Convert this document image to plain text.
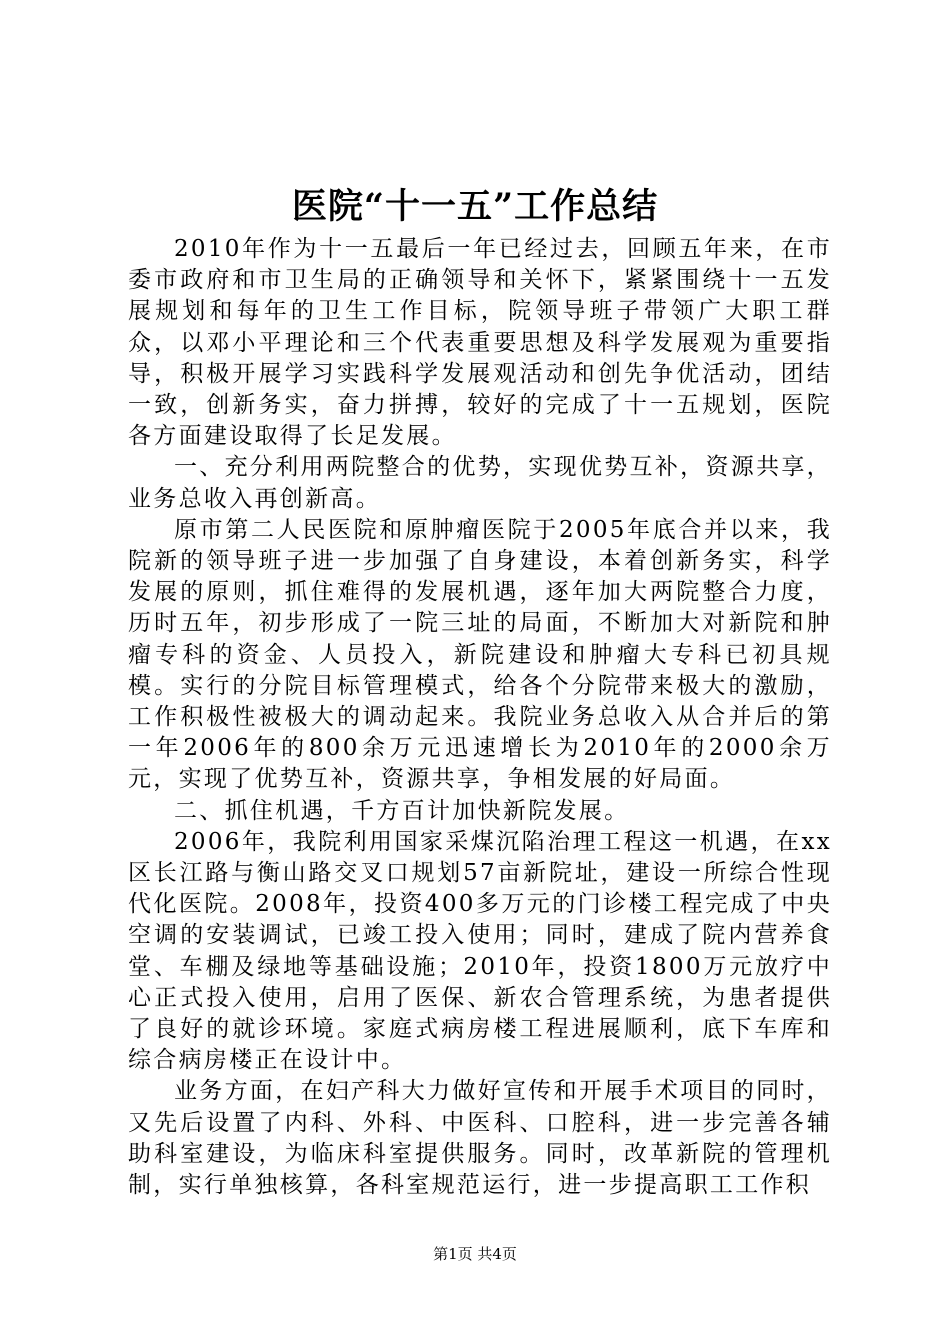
医院“十一五”工作总结

2010年作为十一五最后一年已经过去，回顾五年来，在市委市政府和市卫生局的正确领导和关怀下，紧紧围绕十一五发展规划和每年的卫生工作目标，院领导班子带领广大职工群众，以邓小平理论和三个代表重要思想及科学发展观为重要指导，积极开展学习实践科学发展观活动和创先争优活动，团结一致，创新务实，奋力拼搏，较好的完成了十一五规划，医院各方面建设取得了长足发展。

一、充分利用两院整合的优势，实现优势互补，资源共享，业务总收入再创新高。

原市第二人民医院和原肿瘤医院于2005年底合并以来，我院新的领导班子进一步加强了自身建设，本着创新务实，科学发展的原则，抓住难得的发展机遇，逐年加大两院整合力度，历时五年，初步形成了一院三址的局面，不断加大对新院和肿瘤专科的资金、人员投入，新院建设和肿瘤大专科已初具规模。实行的分院目标管理模式，给各个分院带来极大的激励，工作积极性被极大的调动起来。我院业务总收入从合并后的第一年2006年的800余万元迅速增长为2010年的2000余万元，实现了优势互补，资源共享，争相发展的好局面。

二、抓住机遇，千方百计加快新院发展。

2006年，我院利用国家采煤沉陷治理工程这一机遇，在xx区长江路与衡山路交叉口规划57亩新院址，建设一所综合性现代化医院。2008年，投资400多万元的门诊楼工程完成了中央空调的安装调试，已竣工投入使用；同时，建成了院内营养食堂、车棚及绿地等基础设施；2010年，投资1800万元放疗中心正式投入使用，启用了医保、新农合管理系统，为患者提供了良好的就诊环境。家庭式病房楼工程进展顺利，底下车库和综合病房楼正在设计中。

业务方面，在妇产科大力做好宣传和开展手术项目的同时，又先后设置了内科、外科、中医科、口腔科，进一步完善各辅助科室建设，为临床科室提供服务。同时，改革新院的管理机制，实行单独核算，各科室规范运行，进一步提高职工工作积

第1页 共4页
